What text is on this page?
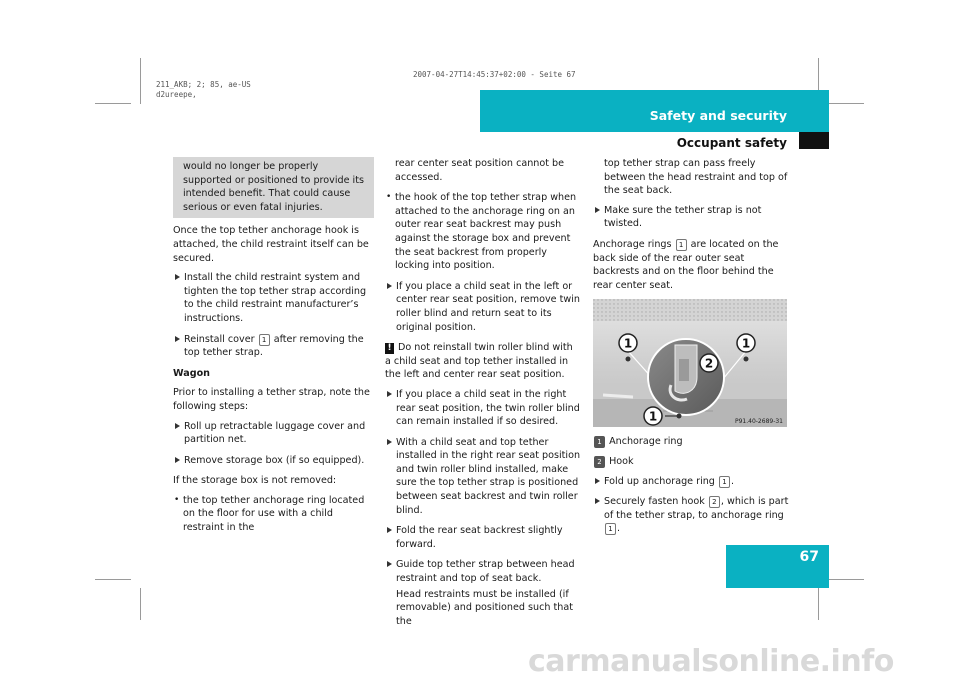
211_AKB; 2; 85, ae-US
d2ureepe,
2007-04-27T14:45:37+02:00 - Seite 67
Safety and security
Occupant safety
would no longer be properly supported or positioned to provide its intended benefit. That could cause serious or even fatal injuries.

Once the top tether anchorage hook is attached, the child restraint itself can be secured.

Install the child restraint system and tighten the top tether strap according to the child restraint manufacturer’s instructions.
Reinstall cover 1 after removing the top tether strap.

Wagon

Prior to installing a tether strap, note the following steps:

Roll up retractable luggage cover and partition net.
Remove storage box (if so equipped).

If the storage box is not removed:

• the top tether anchorage ring located on the floor for use with a child restraint in the
rear center seat position cannot be accessed.
• the hook of the top tether strap when attached to the anchorage ring on an outer rear seat backrest may push against the storage box and prevent the seat backrest from properly locking into position.
If you place a child seat in the left or center rear seat position, remove twin roller blind and return seat to its original position.

! Do not reinstall twin roller blind with a child seat and top tether installed in the left and center rear seat position.

If you place a child seat in the right rear seat position, the twin roller blind can remain installed if so desired.
With a child seat and top tether installed in the right rear seat position and twin roller blind installed, make sure the top tether strap is positioned between seat backrest and twin roller blind.
Fold the rear seat backrest slightly forward.
Guide top tether strap between head restraint and top of seat back.

Head restraints must be installed (if removable) and positioned such that the

top tether strap can pass freely between the head restraint and top of the seat back.

Make sure the tether strap is not twisted.

Anchorage rings 1 are located on the back side of the rear outer seat backrests and on the floor behind the rear center seat.

1	1
2
1	P91.40-2689-31

1 Anchorage ring

2 Hook

Fold up anchorage ring 1 .
Securely fasten hook 2 , which is part of the tether strap, to anchorage ring 1 .
67
carmanualsonline.info
